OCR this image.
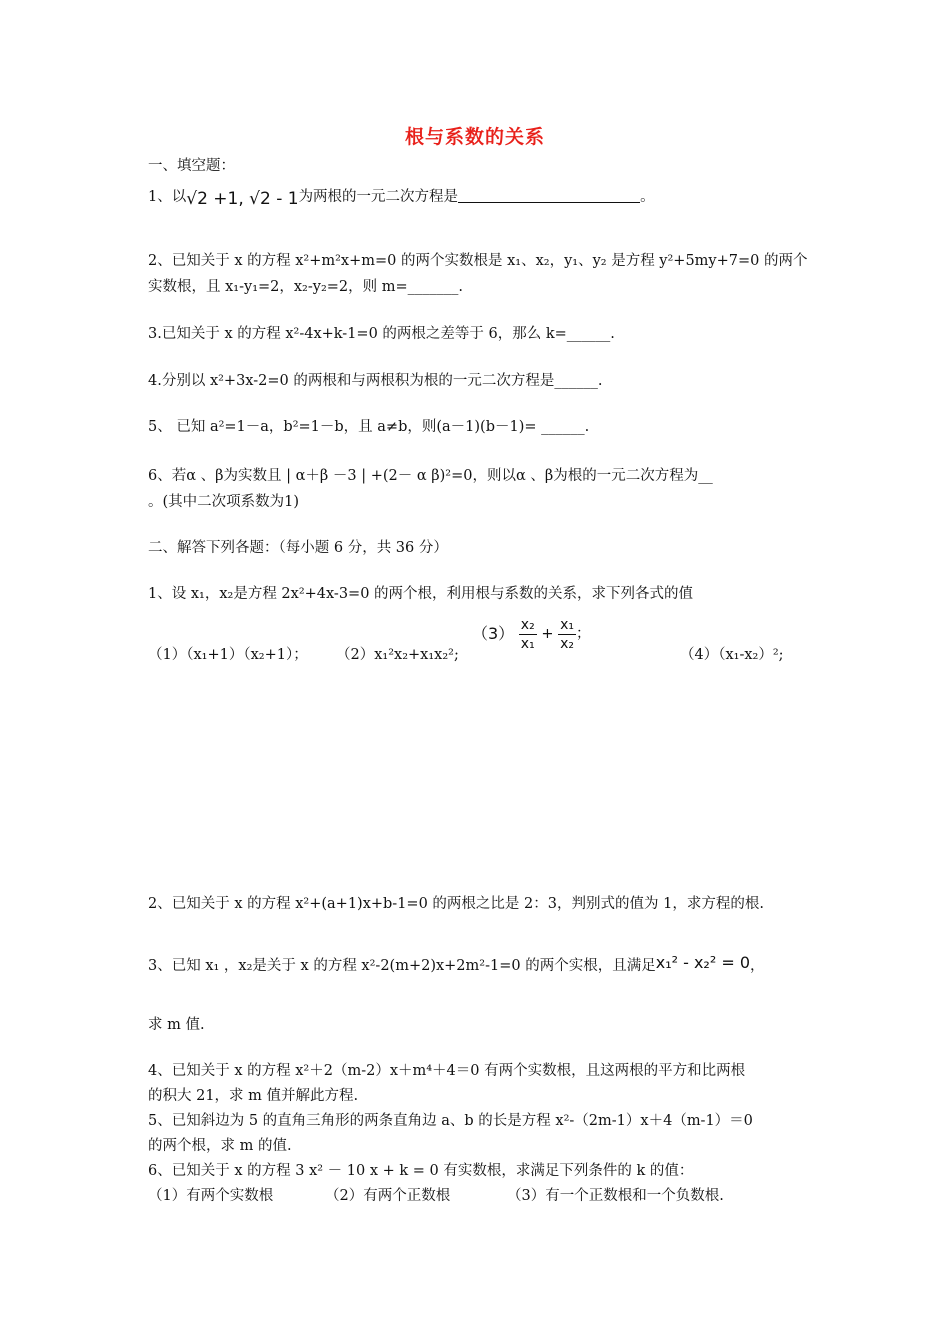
根与系数的关系
一、填空题：
1、以√2 +1, √2 - 1为两根的一元二次方程是	。
2、已知关于 x 的方程 x²+m²x+m=0 的两个实数根是 x₁、x₂，y₁、y₂ 是方程 y²+5my+7=0 的两个
实数根，且 x₁-y₁=2，x₂-y₂=2，则 m=_______.
3.已知关于 x 的方程 x²-4x+k-1=0 的两根之差等于 6，那么 k=______.
4.分别以 x²+3x-2=0 的两根和与两根积为根的一元二次方程是______.
5、 已知 a²=1－a，b²=1－b，且 a≠b，则(a－1)(b－1)= ______.
6、若α 、β为实数且 | α＋β －3 | +(2－ α β)²=0，则以α 、β为根的一元二次方程为__
。(其中二次项系数为1)
二、解答下列各题：（每小题 6 分，共 36 分）
1、设 x₁，x₂是方程 2x²+4x-3=0 的两个根，利用根与系数的关系，求下列各式的值
（1）（x₁+1）（x₂+1）； （2）x₁²x₂+x₁x₂²;
$(3) \frac{\text{x₂}}{\text{x₁}} + \frac{\text{x₁}}{\text{x₂}}$ ；
（4）（x₁-x₂）²;
2、已知关于 x 的方程 x²+(a+1)x+b-1=0 的两根之比是 2：3，判别式的值为 1，求方程的根.
3、已知 x₁ ，x₂是关于 x 的方程 x²-2(m+2)x+2m²-1=0 的两个实根，且满足x₁² - x₂² = 0，
求 m 值.
4、已知关于 x 的方程 x²＋2（m-2）x＋m⁴＋4＝0 有两个实数根，且这两根的平方和比两根
的积大 21，求 m 值并解此方程.
5、已知斜边为 5 的直角三角形的两条直角边 a、b 的长是方程 x²-（2m-1）x＋4（m-1）＝0
的两个根，求 m 的值.
6、已知关于 x 的方程 3 x² － 10 x + k = 0 有实数根，求满足下列条件的 k 的值：
（1）有两个实数根	（2）有两个正数根	（3）有一个正数根和一个负数根.
